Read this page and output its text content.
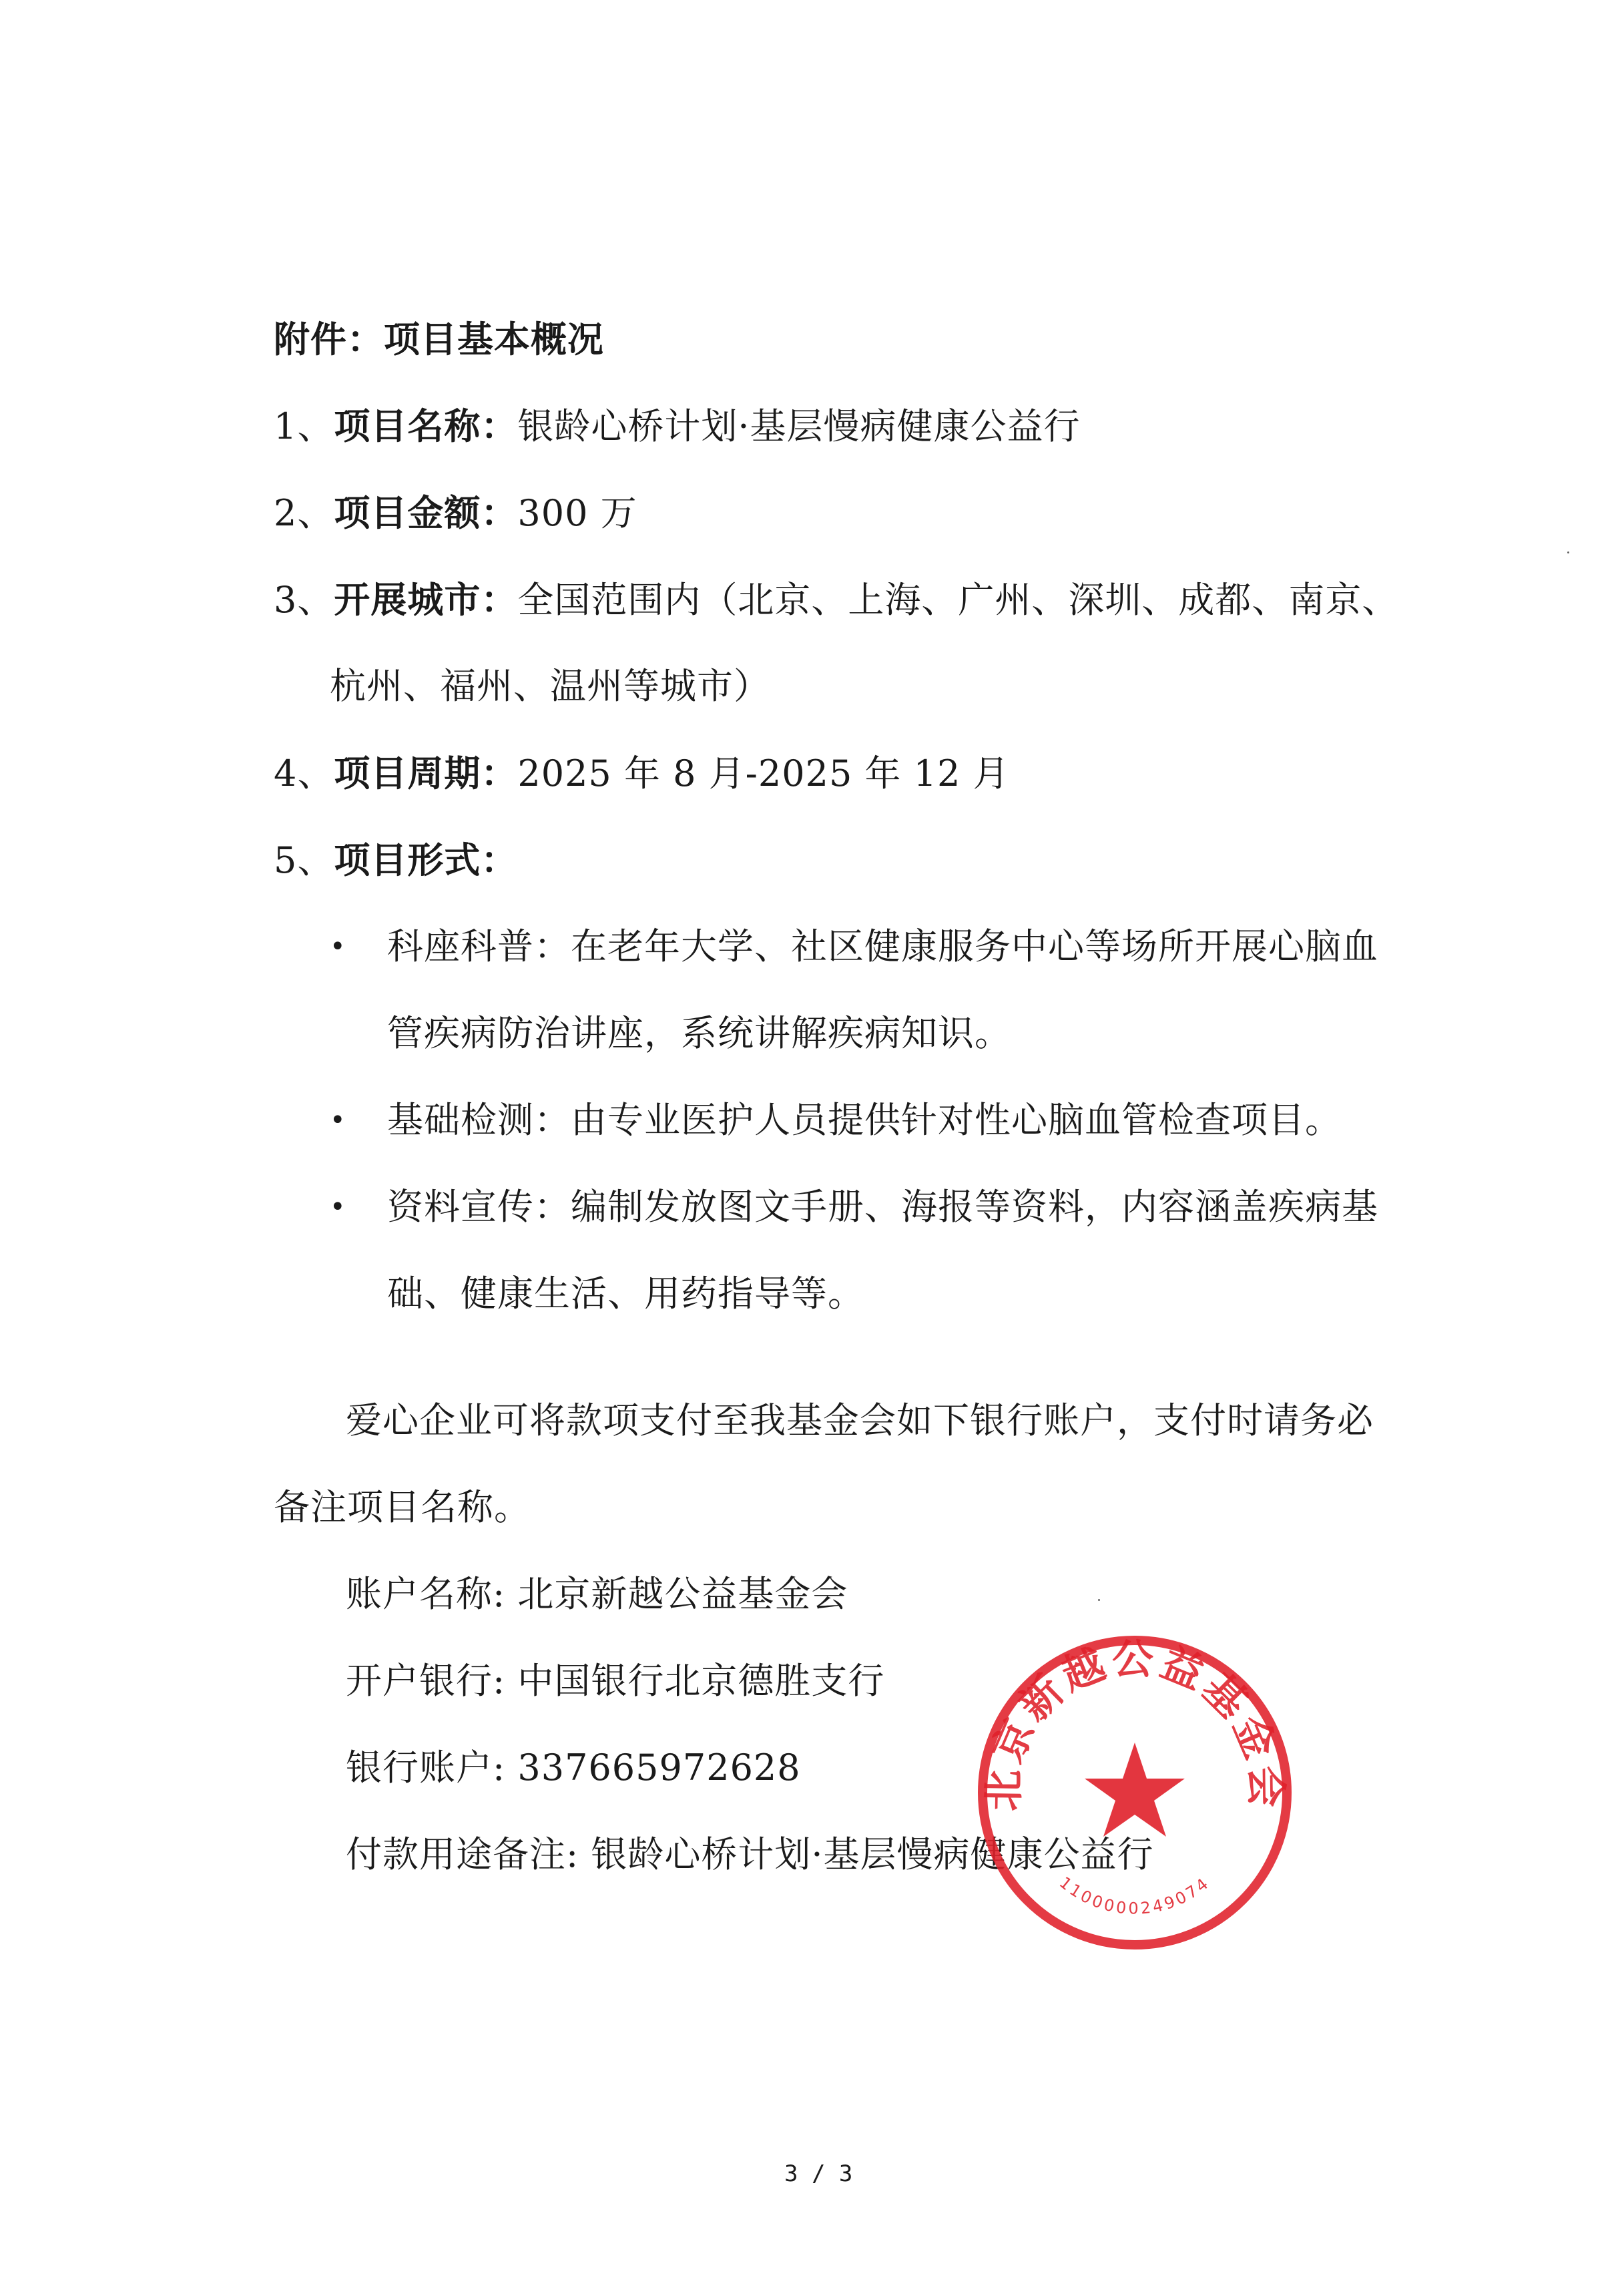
附件：项目基本概况
1、项目名称：银龄心桥计划·基层慢病健康公益行
2、项目金额：300 万
3、开展城市：全国范围内（北京、上海、广州、深圳、成都、南京、
杭州、福州、温州等城市）
4、项目周期：2025 年 8 月-2025 年 12 月
5、项目形式：
• 科座科普：在老年大学、社区健康服务中心等场所开展心脑血
管疾病防治讲座，系统讲解疾病知识。
• 基础检测：由专业医护人员提供针对性心脑血管检查项目。
• 资料宣传：编制发放图文手册、海报等资料，内容涵盖疾病基
础、健康生活、用药指导等。
爱心企业可将款项支付至我基金会如下银行账户，支付时请务必
备注项目名称。
账户名称: 北京新越公益基金会
开户银行: 中国银行北京德胜支行
银行账户: 337665972628
付款用途备注: 银龄心桥计划·基层慢病健康公益行
北京新越公益基金会
1100000249074
3 / 3
